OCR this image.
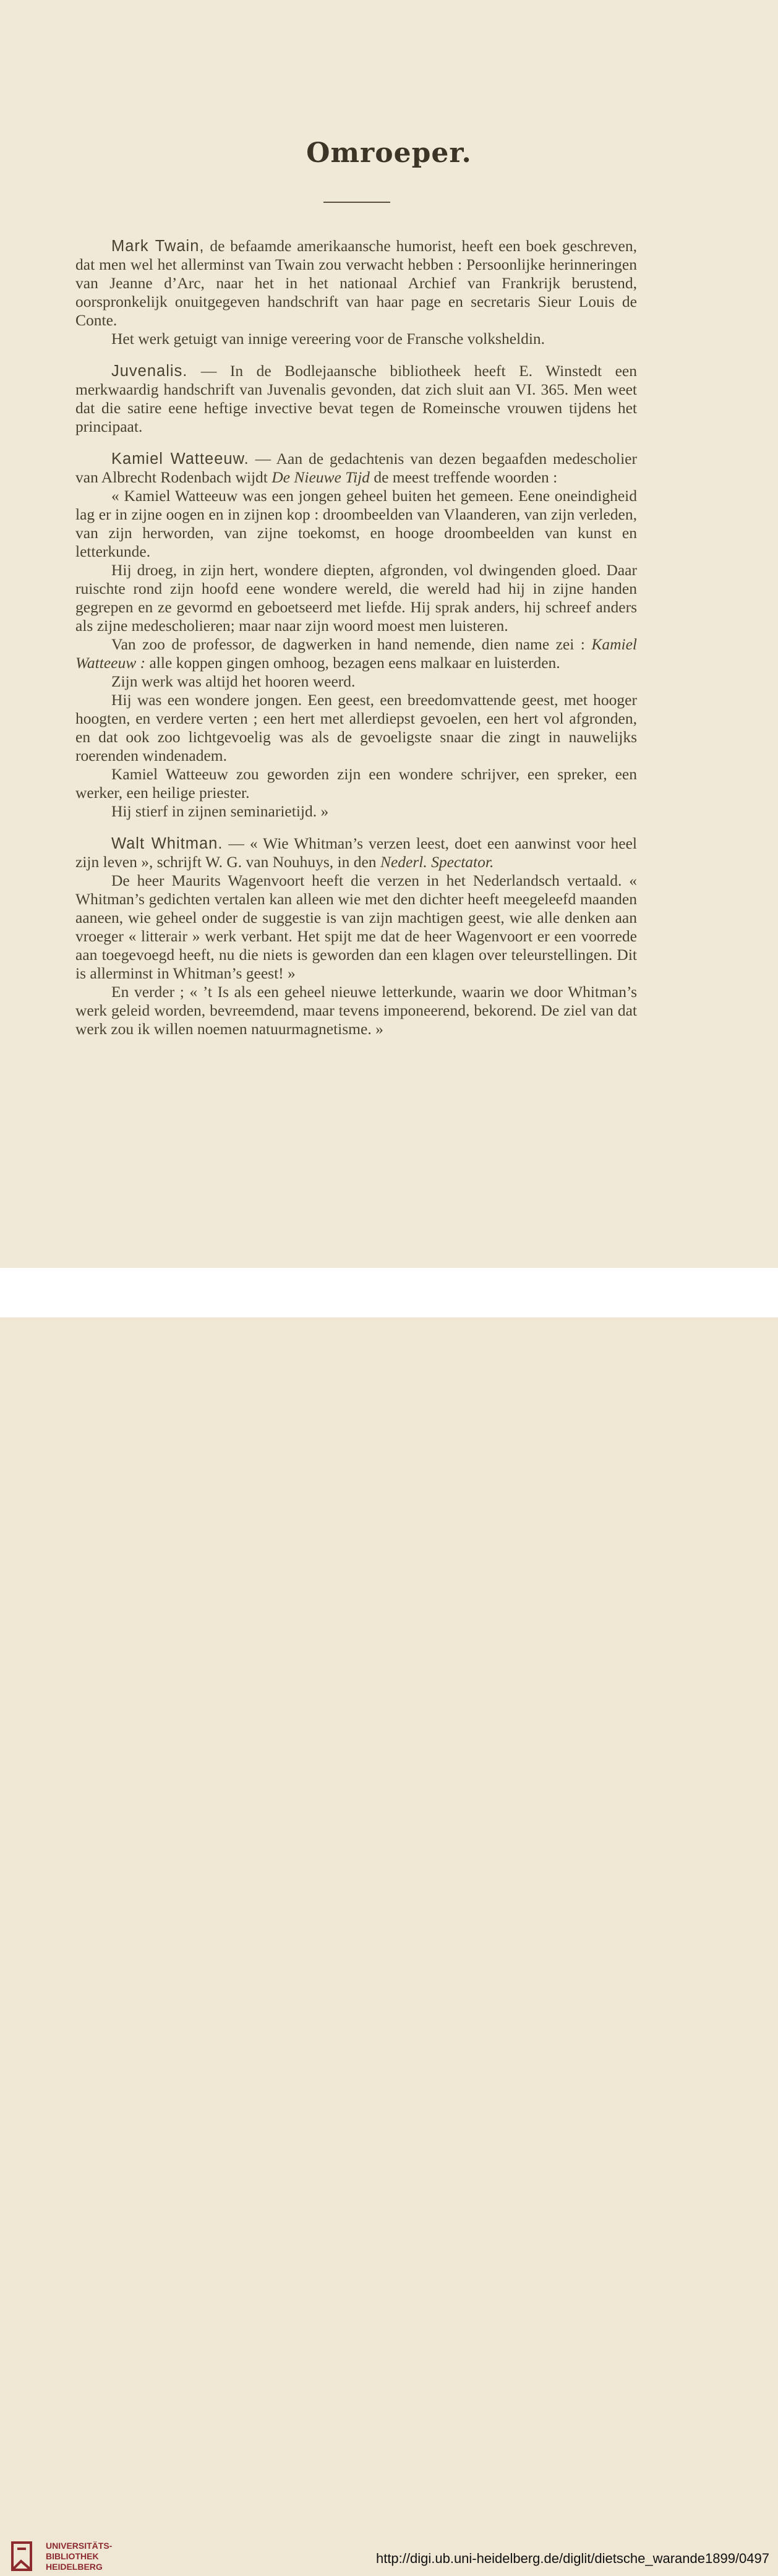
Omroeper.

Mark Twain, de befaamde amerikaansche humorist, heeft een boek geschreven, dat men wel het allerminst van Twain zou verwacht hebben : Persoonlijke herinneringen van Jeanne d’Arc, naar het in het nationaal Archief van Frankrijk berustend, oorspronkelijk onuitgegeven handschrift van haar page en secretaris Sieur Louis de Conte.

Het werk getuigt van innige vereering voor de Fransche volksheldin.

Juvenalis. — In de Bodlejaansche bibliotheek heeft E. Winstedt een merkwaardig handschrift van Juvenalis gevonden, dat zich sluit aan VI. 365. Men weet dat die satire eene heftige invective bevat tegen de Romeinsche vrouwen tijdens het principaat.

Kamiel Watteeuw. — Aan de gedachtenis van dezen begaafden medescholier van Albrecht Rodenbach wijdt De Nieuwe Tijd de meest treffende woorden :

« Kamiel Watteeuw was een jongen geheel buiten het gemeen. Eene oneindigheid lag er in zijne oogen en in zijnen kop : droombeelden van Vlaanderen, van zijn verleden, van zijn herworden, van zijne toekomst, en hooge droombeelden van kunst en letterkunde.

Hij droeg, in zijn hert, wondere diepten, afgronden, vol dwingenden gloed. Daar ruischte rond zijn hoofd eene wondere wereld, die wereld had hij in zijne handen gegrepen en ze gevormd en geboetseerd met liefde. Hij sprak anders, hij schreef anders als zijne medescholieren; maar naar zijn woord moest men luisteren.

Van zoo de professor, de dagwerken in hand nemende, dien name zei : Kamiel Watteeuw : alle koppen gingen omhoog, bezagen eens malkaar en luisterden.

Zijn werk was altijd het hooren weerd.

Hij was een wondere jongen. Een geest, een breedomvattende geest, met hooger hoogten, en verdere verten ; een hert met allerdiepst gevoelen, een hert vol afgronden, en dat ook zoo lichtgevoelig was als de gevoeligste snaar die zingt in nauwelijks roerenden windenadem.

Kamiel Watteeuw zou geworden zijn een wondere schrijver, een spreker, een werker, een heilige priester.

Hij stierf in zijnen seminarietijd. »

Walt Whitman. — « Wie Whitman’s verzen leest, doet een aanwinst voor heel zijn leven », schrijft W. G. van Nouhuys, in den Nederl. Spectator.

De heer Maurits Wagenvoort heeft die verzen in het Nederlandsch vertaald. « Whitman’s gedichten vertalen kan alleen wie met den dichter heeft meegeleefd maanden aaneen, wie geheel onder de suggestie is van zijn machtigen geest, wie alle denken aan vroeger « litterair » werk verbant. Het spijt me dat de heer Wagenvoort er een voorrede aan toegevoegd heeft, nu die niets is geworden dan een klagen over teleurstellingen. Dit is allerminst in Whitman’s geest! »

En verder ; « ’t Is als een geheel nieuwe letterkunde, waarin we door Whitman’s werk geleid worden, bevreemdend, maar tevens imponeerend, bekorend. De ziel van dat werk zou ik willen noemen natuurmagnetisme. »

UNIVERSITÄTS-
BIBLIOTHEK
HEIDELBERG
http://digi.ub.uni-heidelberg.de/diglit/dietsche_warande1899/0497
